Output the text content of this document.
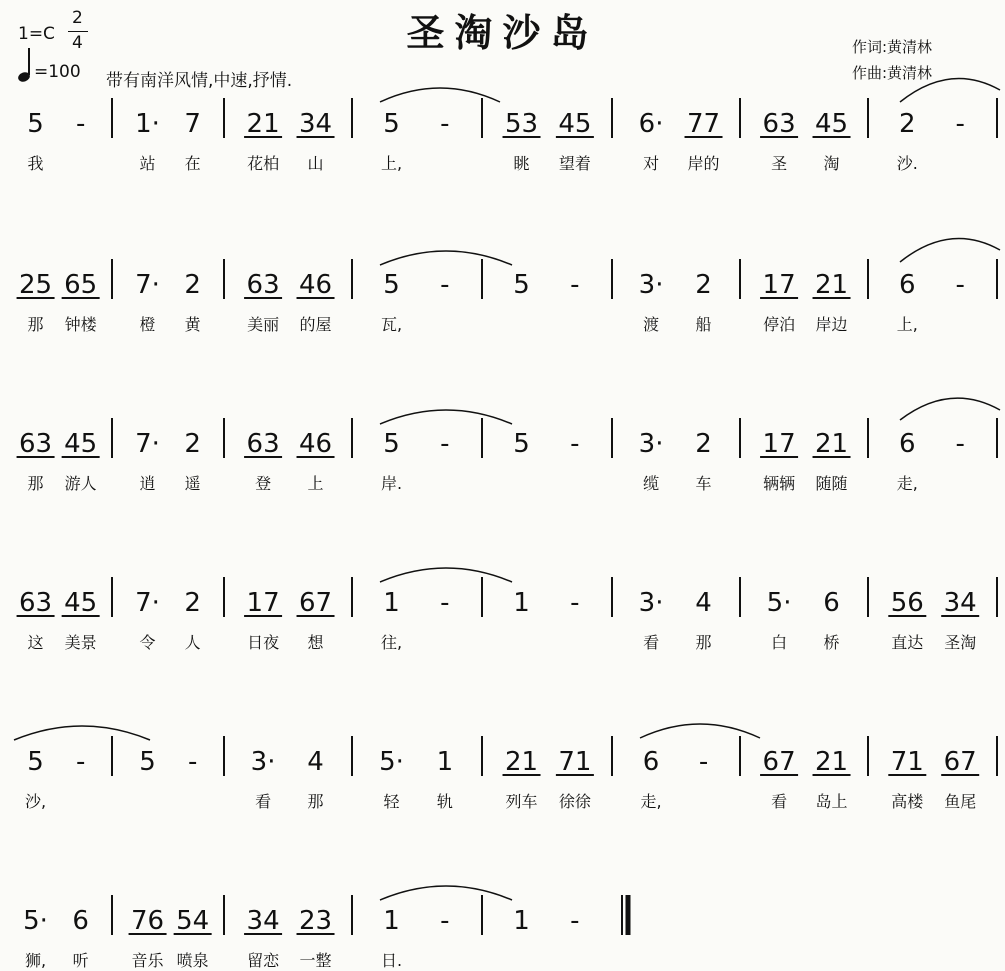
圣淘沙岛
1=C
2
4
=100 带有南洋风情,中速,抒情.
作词:黄清林
作曲:黄清林
5
我
- 1·
站
7
在
21
花柏
34
山
5
上,
- 53
眺
45
望着
6·
对
77
岸的
63
圣
45
淘
2
沙.
-
25
那
65
钟楼
7·
橙
2
黄
63
美丽
46
的屋
5
瓦,
- 5 - 3·
渡
2
船
17
停泊
21
岸边
6
上,
-
63
那
45
游人
7·
逍
2
遥
63
登
46
上
5
岸.
- 5 - 3·
缆
2
车
17
辆辆
21
随随
6
走,
-
63
这
45
美景
7·
令
2
人
17
日夜
67
想
1
往,
- 1 - 3·
看
4
那
5·
白
6
桥
56
直达
34
圣淘
5
沙,
- 5 - 3·
看
4
那
5·
轻
1
轨
21
列车
71
徐徐
6
走,
- 67
看
21
岛上
71
高楼
67
鱼尾
5·
狮,
6
听
76
音乐
54
喷泉
34
留恋
23
一整
1
日.
- 1 -
